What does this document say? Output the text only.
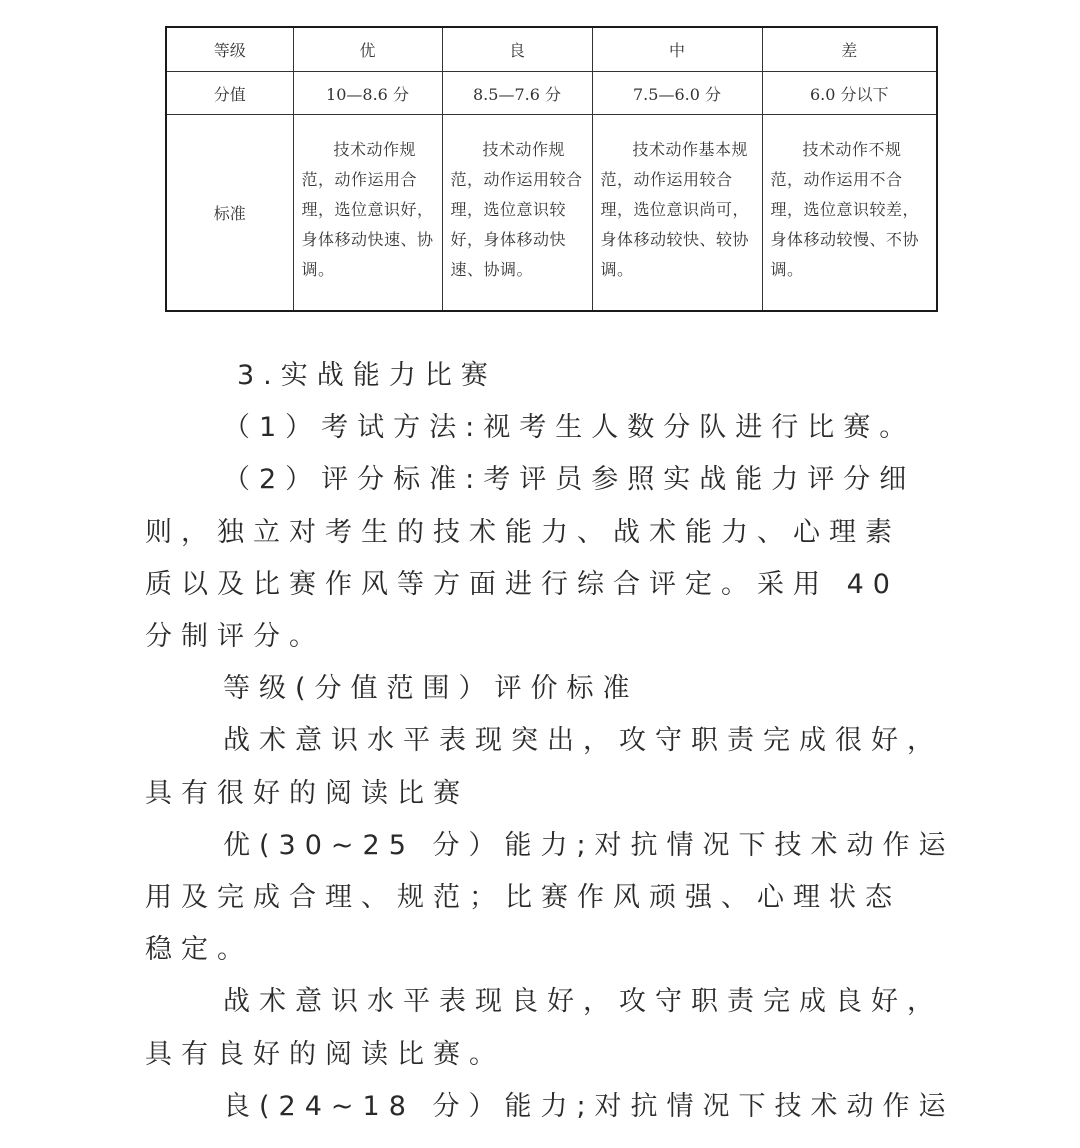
等级	优	良	中	差
分值	10—8.6 分	8.5—7.6 分	7.5—6.0 分	6.0 分以下
标准	技术动作规范，动作运用合理，选位意识好，身体移动快速、协调。	技术动作规范，动作运用较合理，选位意识较好，身体移动快速、协调。	技术动作基本规范，动作运用较合理，选位意识尚可，身体移动较快、较协调。	技术动作不规范，动作运用不合理，选位意识较差，身体移动较慢、不协调。

3.实战能力比赛

（1）考试方法:视考生人数分队进行比赛。

（2）评分标准:考评员参照实战能力评分细

则，独立对考生的技术能力、战术能力、心理素

质以及比赛作风等方面进行综合评定。采用 40

分制评分。

等级(分值范围）评价标准

战术意识水平表现突出，攻守职责完成很好，

具有很好的阅读比赛

优(30~25 分）能力;对抗情况下技术动作运

用及完成合理、规范；比赛作风顽强、心理状态

稳定。

战术意识水平表现良好，攻守职责完成良好，

具有良好的阅读比赛。

良(24~18 分）能力;对抗情况下技术动作运
